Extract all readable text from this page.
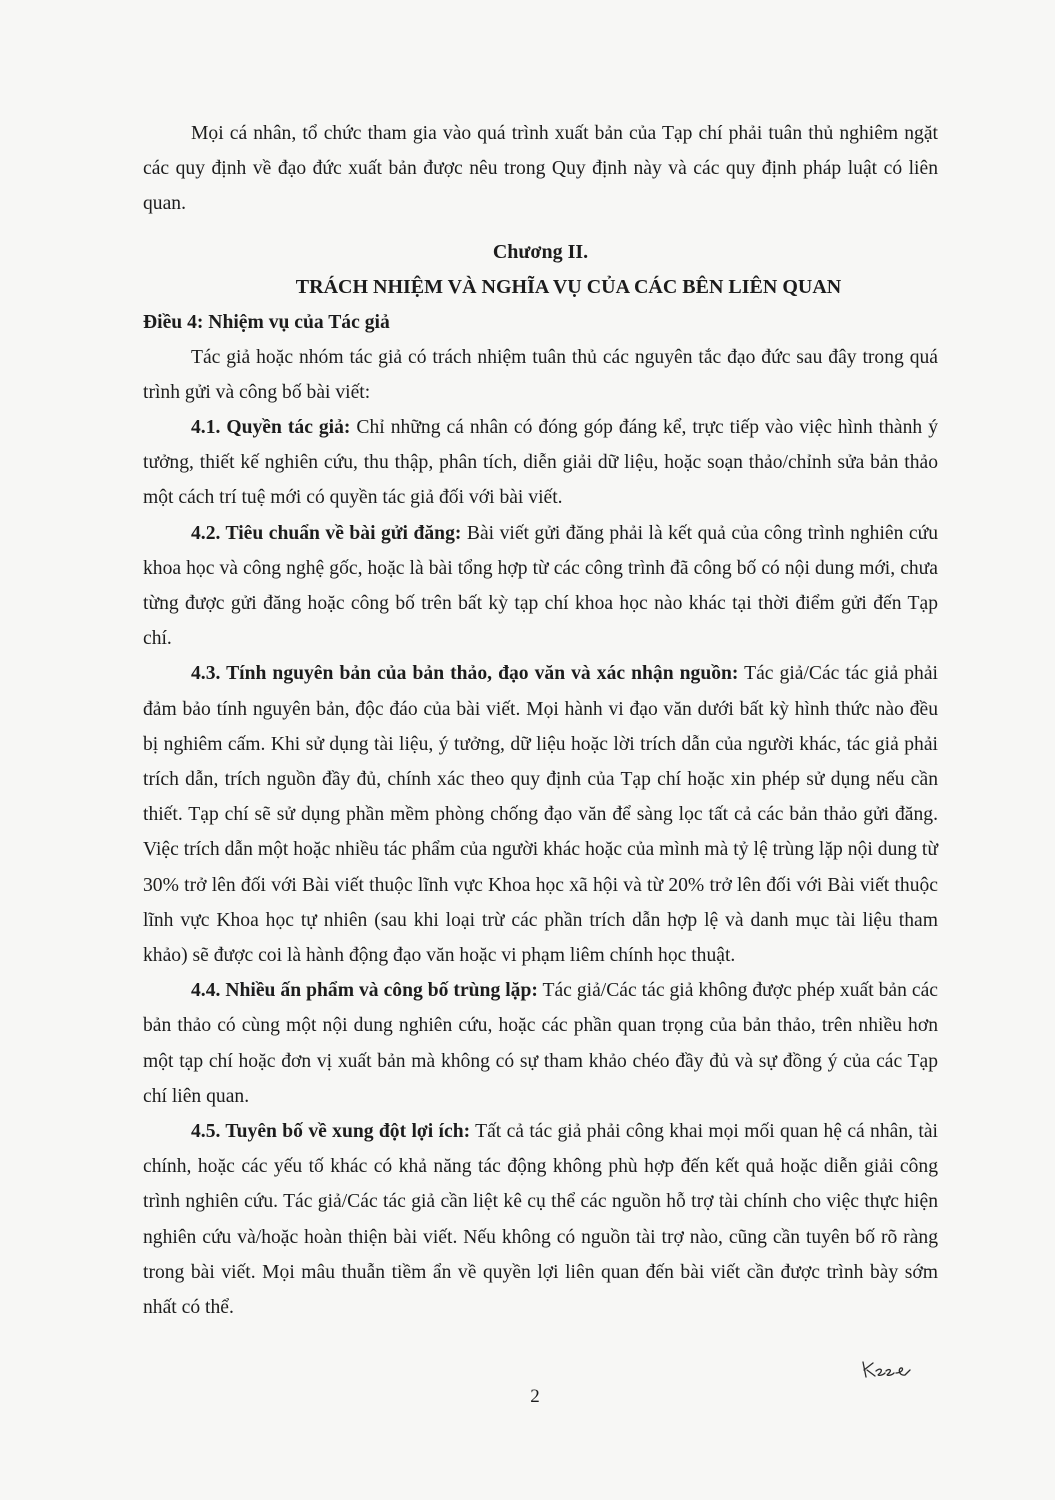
Mọi cá nhân, tổ chức tham gia vào quá trình xuất bản của Tạp chí phải tuân thủ nghiêm ngặt các quy định về đạo đức xuất bản được nêu trong Quy định này và các quy định pháp luật có liên quan.

Chương II.

TRÁCH NHIỆM VÀ NGHĨA VỤ CỦA CÁC BÊN LIÊN QUAN

Điều 4: Nhiệm vụ của Tác giả

Tác giả hoặc nhóm tác giả có trách nhiệm tuân thủ các nguyên tắc đạo đức sau đây trong quá trình gửi và công bố bài viết:

4.1. Quyền tác giả: Chỉ những cá nhân có đóng góp đáng kể, trực tiếp vào việc hình thành ý tưởng, thiết kế nghiên cứu, thu thập, phân tích, diễn giải dữ liệu, hoặc soạn thảo/chỉnh sửa bản thảo một cách trí tuệ mới có quyền tác giả đối với bài viết.

4.2. Tiêu chuẩn về bài gửi đăng: Bài viết gửi đăng phải là kết quả của công trình nghiên cứu khoa học và công nghệ gốc, hoặc là bài tổng hợp từ các công trình đã công bố có nội dung mới, chưa từng được gửi đăng hoặc công bố trên bất kỳ tạp chí khoa học nào khác tại thời điểm gửi đến Tạp chí.

4.3. Tính nguyên bản của bản thảo, đạo văn và xác nhận nguồn: Tác giả/Các tác giả phải đảm bảo tính nguyên bản, độc đáo của bài viết. Mọi hành vi đạo văn dưới bất kỳ hình thức nào đều bị nghiêm cấm. Khi sử dụng tài liệu, ý tưởng, dữ liệu hoặc lời trích dẫn của người khác, tác giả phải trích dẫn, trích nguồn đầy đủ, chính xác theo quy định của Tạp chí hoặc xin phép sử dụng nếu cần thiết. Tạp chí sẽ sử dụng phần mềm phòng chống đạo văn để sàng lọc tất cả các bản thảo gửi đăng. Việc trích dẫn một hoặc nhiều tác phẩm của người khác hoặc của mình mà tỷ lệ trùng lặp nội dung từ 30% trở lên đối với Bài viết thuộc lĩnh vực Khoa học xã hội và từ 20% trở lên đối với Bài viết thuộc lĩnh vực Khoa học tự nhiên (sau khi loại trừ các phần trích dẫn hợp lệ và danh mục tài liệu tham khảo) sẽ được coi là hành động đạo văn hoặc vi phạm liêm chính học thuật.

4.4. Nhiều ấn phẩm và công bố trùng lặp: Tác giả/Các tác giả không được phép xuất bản các bản thảo có cùng một nội dung nghiên cứu, hoặc các phần quan trọng của bản thảo, trên nhiều hơn một tạp chí hoặc đơn vị xuất bản mà không có sự tham khảo chéo đầy đủ và sự đồng ý của các Tạp chí liên quan.

4.5. Tuyên bố về xung đột lợi ích: Tất cả tác giả phải công khai mọi mối quan hệ cá nhân, tài chính, hoặc các yếu tố khác có khả năng tác động không phù hợp đến kết quả hoặc diễn giải công trình nghiên cứu. Tác giả/Các tác giả cần liệt kê cụ thể các nguồn hỗ trợ tài chính cho việc thực hiện nghiên cứu và/hoặc hoàn thiện bài viết. Nếu không có nguồn tài trợ nào, cũng cần tuyên bố rõ ràng trong bài viết. Mọi mâu thuẫn tiềm ẩn về quyền lợi liên quan đến bài viết cần được trình bày sớm nhất có thể.

2
